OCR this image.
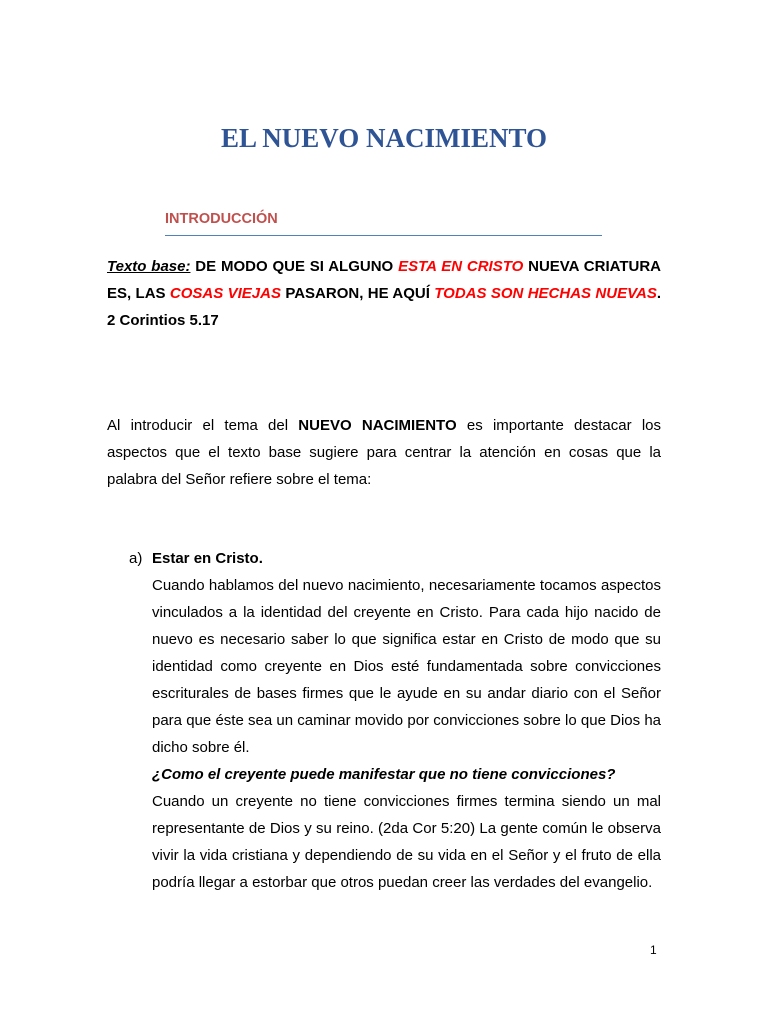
EL NUEVO NACIMIENTO
INTRODUCCIÓN

Texto base: DE MODO QUE SI ALGUNO ESTA EN CRISTO NUEVA CRIATURA ES, LAS COSAS VIEJAS PASARON, HE AQUÍ TODAS SON HECHAS NUEVAS. 2 Corintios 5.17

Al introducir el tema del NUEVO NACIMIENTO es importante destacar los aspectos que el texto base sugiere para centrar la atención en cosas que la palabra del Señor refiere sobre el tema:

a) Estar en Cristo.

Cuando hablamos del nuevo nacimiento, necesariamente tocamos aspectos vinculados a la identidad del creyente en Cristo. Para cada hijo nacido de nuevo es necesario saber lo que significa estar en Cristo de modo que su identidad como creyente en Dios esté fundamentada sobre convicciones escriturales de bases firmes que le ayude en su andar diario con el Señor para que éste sea un caminar movido por convicciones sobre lo que Dios ha dicho sobre él.

¿Como el creyente puede manifestar que no tiene convicciones?

Cuando un creyente no tiene convicciones firmes termina siendo un mal representante de Dios y su reino. (2da Cor 5:20) La gente común le observa vivir la vida cristiana y dependiendo de su vida en el Señor y el fruto de ella podría llegar a estorbar que otros puedan creer las verdades del evangelio.

1
